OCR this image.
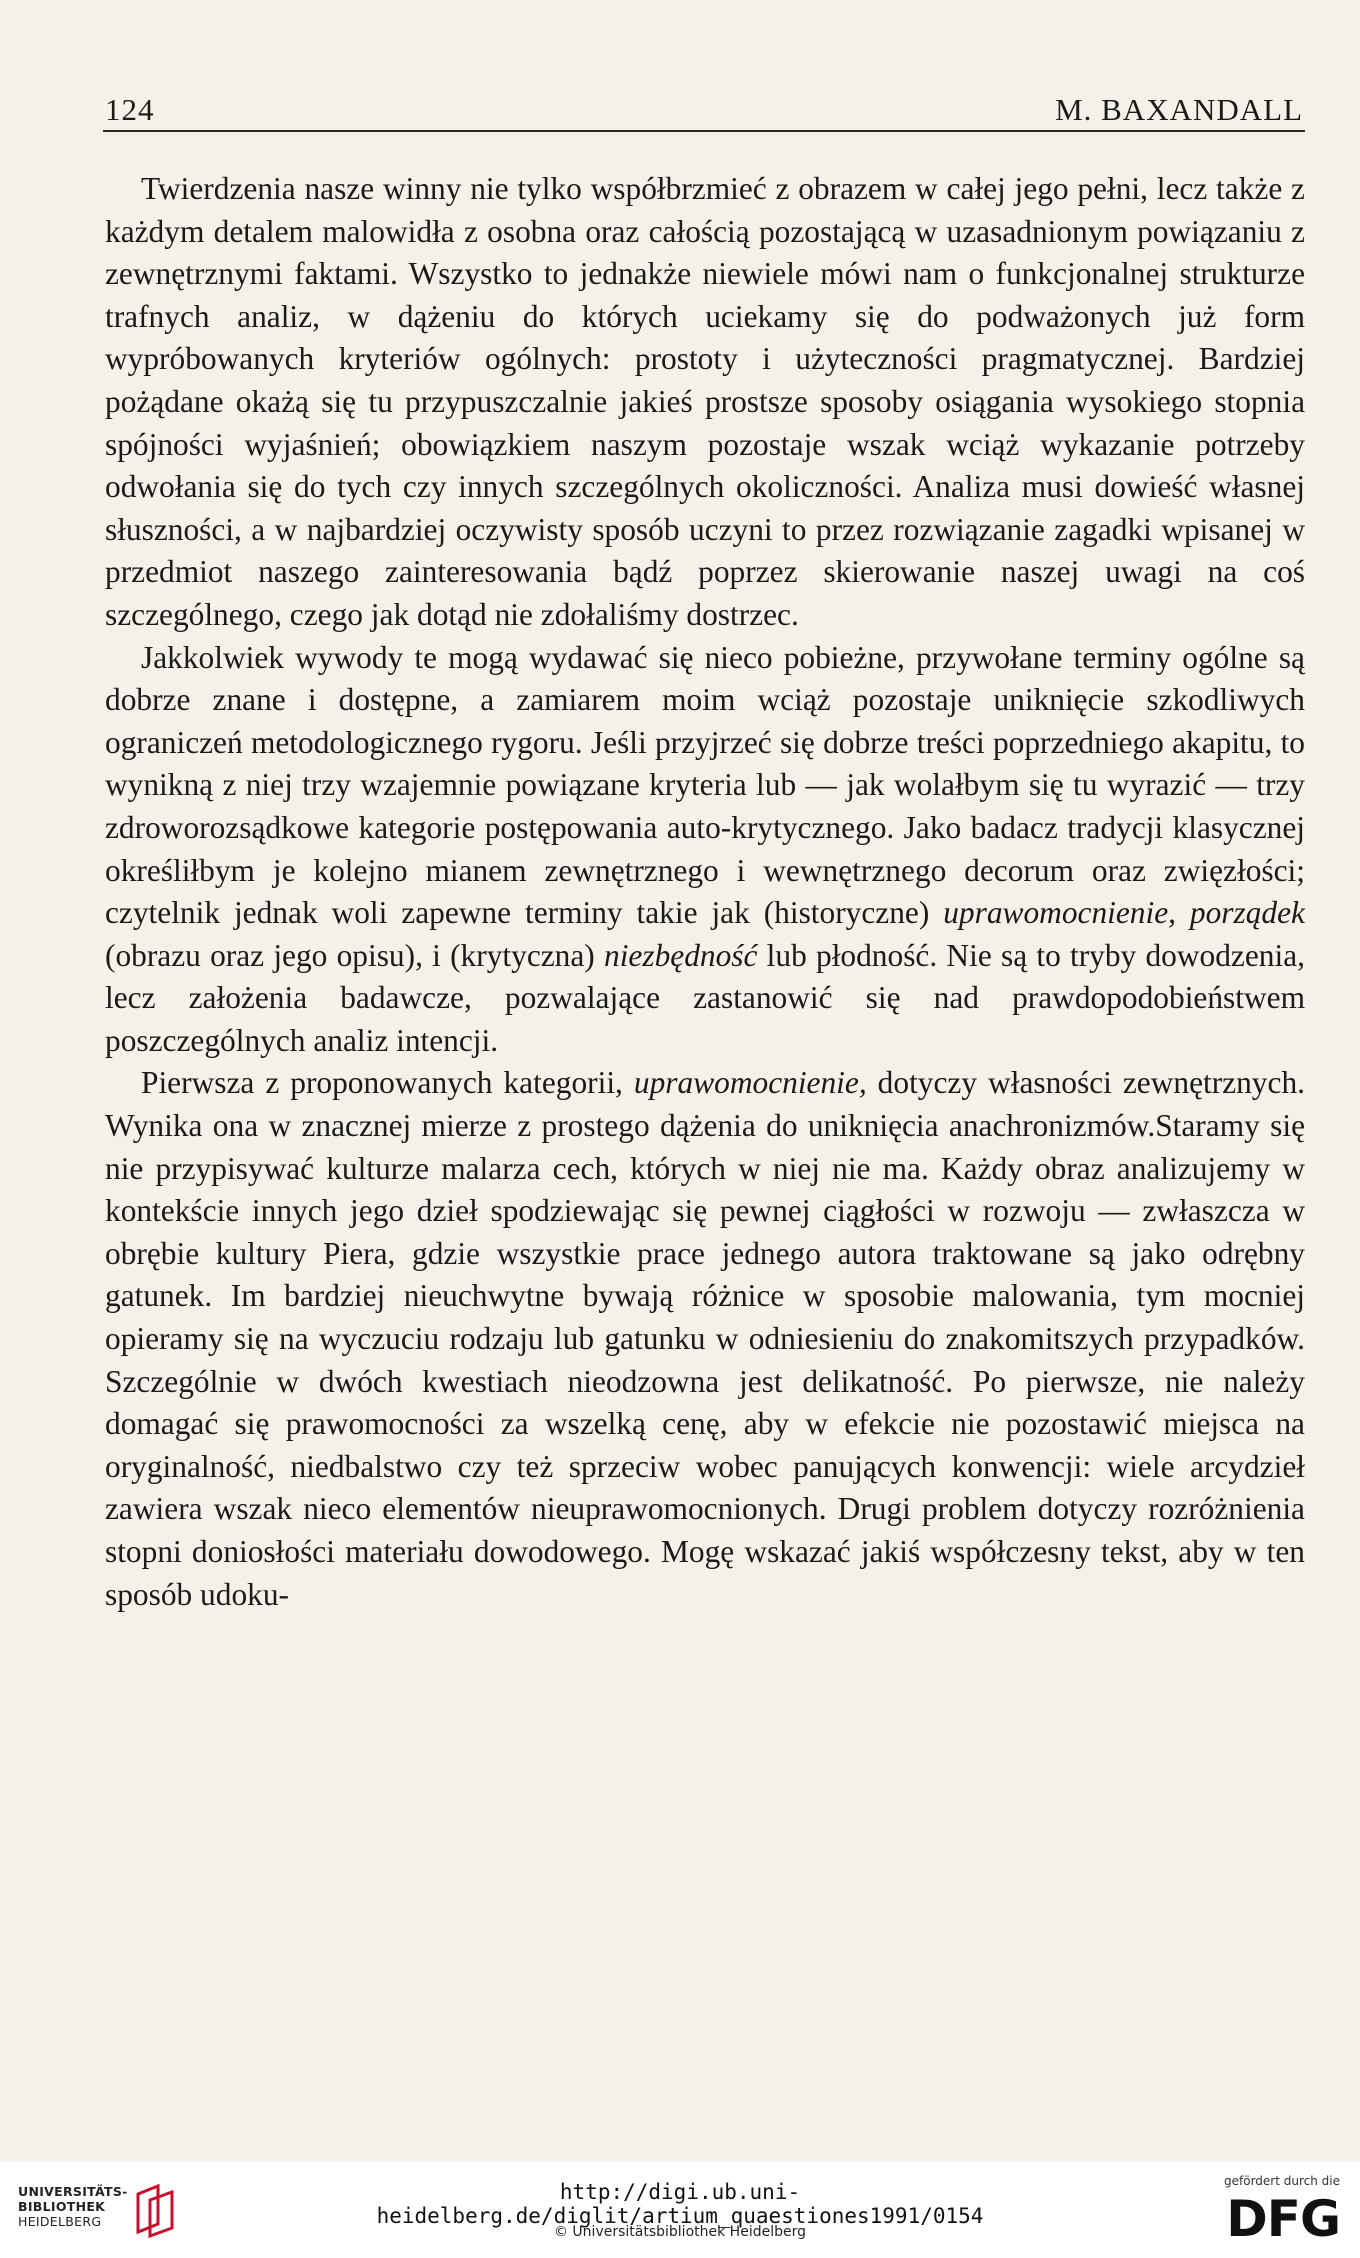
124	M. BAXANDALL

Twierdzenia nasze winny nie tylko współbrzmieć z obrazem w całej jego pełni, lecz także z każdym detalem malowidła z osobna oraz całością pozostającą w uzasadnionym powiązaniu z zewnętrznymi faktami. Wszystko to jednakże niewiele mówi nam o funkcjonalnej strukturze trafnych analiz, w dążeniu do których uciekamy się do podważonych już form wypróbowanych kryteriów ogólnych: prostoty i użyteczności pragmatycznej. Bardziej pożądane okażą się tu przypuszczalnie jakieś prostsze sposoby osiągania wysokiego stopnia spójności wyjaśnień; obowiązkiem naszym pozostaje wszak wciąż wykazanie potrzeby odwołania się do tych czy innych szczególnych okoliczności. Analiza musi dowieść własnej słuszności, a w najbardziej oczywisty sposób uczyni to przez rozwiązanie zagadki wpisanej w przedmiot naszego zainteresowania bądź poprzez skierowanie naszej uwagi na coś szczególnego, czego jak dotąd nie zdołaliśmy dostrzec.

Jakkolwiek wywody te mogą wydawać się nieco pobieżne, przywołane terminy ogólne są dobrze znane i dostępne, a zamiarem moim wciąż pozostaje uniknięcie szkodliwych ograniczeń metodologicznego rygoru. Jeśli przyjrzeć się dobrze treści poprzedniego akapitu, to wynikną z niej trzy wzajemnie powiązane kryteria lub — jak wolałbym się tu wyrazić — trzy zdroworozsądkowe kategorie postępowania auto-krytycznego. Jako badacz tradycji klasycznej określiłbym je kolejno mianem zewnętrznego i wewnętrznego decorum oraz zwięzłości; czytelnik jednak woli zapewne terminy takie jak (historyczne) uprawomocnienie, porządek (obrazu oraz jego opisu), i (krytyczna) niezbędność lub płodność. Nie są to tryby dowodzenia, lecz założenia badawcze, pozwalające zastanowić się nad prawdopodobieństwem poszczególnych analiz intencji.

Pierwsza z proponowanych kategorii, uprawomocnienie, dotyczy własności zewnętrznych. Wynika ona w znacznej mierze z prostego dążenia do uniknięcia anachronizmów.Staramy się nie przypisywać kulturze malarza cech, których w niej nie ma. Każdy obraz analizujemy w kontekście innych jego dzieł spodziewając się pewnej ciągłości w rozwoju — zwłaszcza w obrębie kultury Piera, gdzie wszystkie prace jednego autora traktowane są jako odrębny gatunek. Im bardziej nieuchwytne bywają różnice w sposobie malowania, tym mocniej opieramy się na wyczuciu rodzaju lub gatunku w odniesieniu do znakomitszych przypadków. Szczególnie w dwóch kwestiach nieodzowna jest delikatność. Po pierwsze, nie należy domagać się prawomocności za wszelką cenę, aby w efekcie nie pozostawić miejsca na oryginalność, niedbalstwo czy też sprzeciw wobec panujących konwencji: wiele arcydzieł zawiera wszak nieco elementów nieuprawomocnionych. Drugi problem dotyczy rozróżnienia stopni doniosłości materiału dowodowego. Mogę wskazać jakiś współczesny tekst, aby w ten sposób udoku-

UNIVERSITÄTS-
BIBLIOTHEK
HEIDELBERG
http://digi.ub.uni-heidelberg.de/diglit/artium_quaestiones1991/0154
© Universitätsbibliothek Heidelberg
gefördert durch die
DFG
